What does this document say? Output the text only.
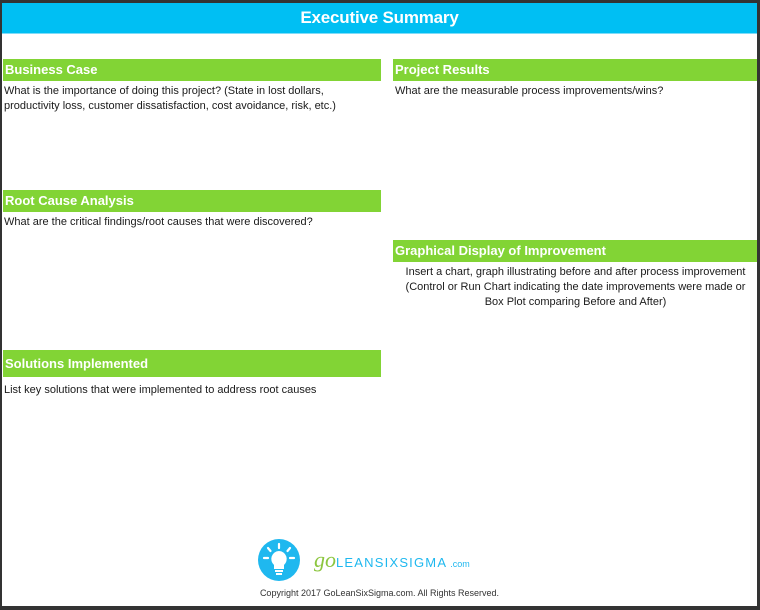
Executive Summary
Business Case
What is the importance of doing this project? (State in lost dollars, productivity loss, customer dissatisfaction, cost avoidance, risk, etc.)
Root Cause Analysis
What are the critical findings/root causes that were discovered?
Solutions Implemented
List key solutions that were implemented to address root causes
Project Results
What are the measurable process improvements/wins?
Graphical Display of Improvement
Insert a chart, graph illustrating before and after process improvement
(Control or Run Chart indicating the date improvements were made or
Box Plot comparing Before and After)
go LEANSIXSIGMA .com
Copyright 2017 GoLeanSixSigma.com. All Rights Reserved.
